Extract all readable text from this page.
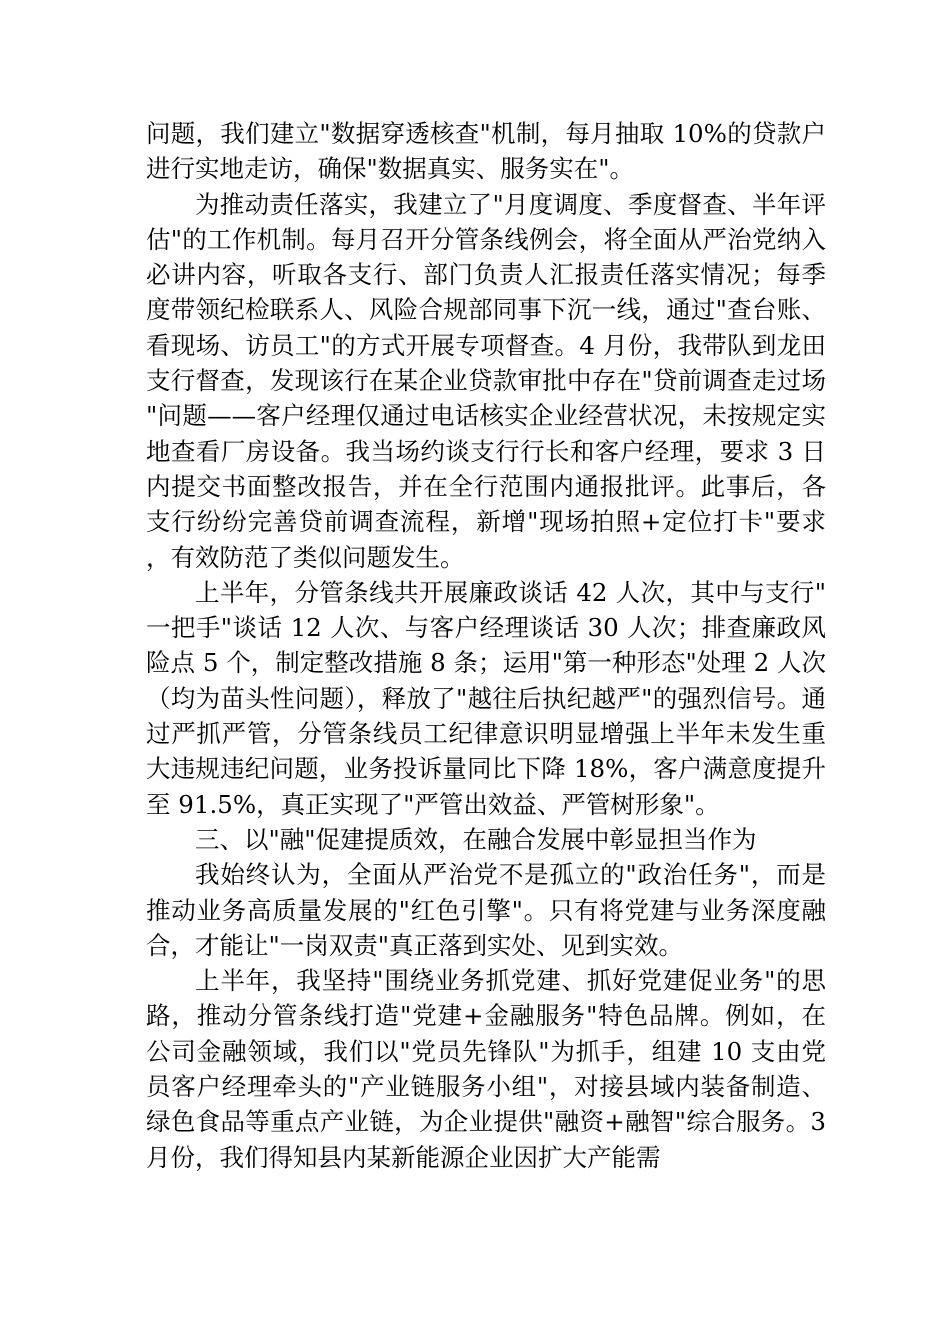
问题，我们建立"数据穿透核查"机制，每月抽取 10%的贷款户进行实地走访，确保"数据真实、服务实在"。

为推动责任落实，我建立了"月度调度、季度督查、半年评估"的工作机制。每月召开分管条线例会，将全面从严治党纳入必讲内容，听取各支行、部门负责人汇报责任落实情况；每季度带领纪检联系人、风险合规部同事下沉一线，通过"查台账、看现场、访员工"的方式开展专项督查。4 月份，我带队到龙田支行督查，发现该行在某企业贷款审批中存在"贷前调查走过场"问题——客户经理仅通过电话核实企业经营状况，未按规定实地查看厂房设备。我当场约谈支行行长和客户经理，要求 3 日内提交书面整改报告，并在全行范围内通报批评。此事后，各支行纷纷完善贷前调查流程，新增"现场拍照+定位打卡"要求，有效防范了类似问题发生。

上半年，分管条线共开展廉政谈话 42 人次，其中与支行"一把手"谈话 12 人次、与客户经理谈话 30 人次；排查廉政风险点 5 个，制定整改措施 8 条；运用"第一种形态"处理 2 人次（均为苗头性问题），释放了"越往后执纪越严"的强烈信号。通过严抓严管，分管条线员工纪律意识明显增强上半年未发生重大违规违纪问题，业务投诉量同比下降 18%，客户满意度提升至 91.5%，真正实现了"严管出效益、严管树形象"。

三、以"融"促建提质效，在融合发展中彰显担当作为

我始终认为，全面从严治党不是孤立的"政治任务"，而是推动业务高质量发展的"红色引擎"。只有将党建与业务深度融合，才能让"一岗双责"真正落到实处、见到实效。

上半年，我坚持"围绕业务抓党建、抓好党建促业务"的思路，推动分管条线打造"党建+金融服务"特色品牌。例如，在公司金融领域，我们以"党员先锋队"为抓手，组建 10 支由党员客户经理牵头的"产业链服务小组"，对接县域内装备制造、绿色食品等重点产业链，为企业提供"融资+融智"综合服务。3 月份，我们得知县内某新能源企业因扩大产能需
